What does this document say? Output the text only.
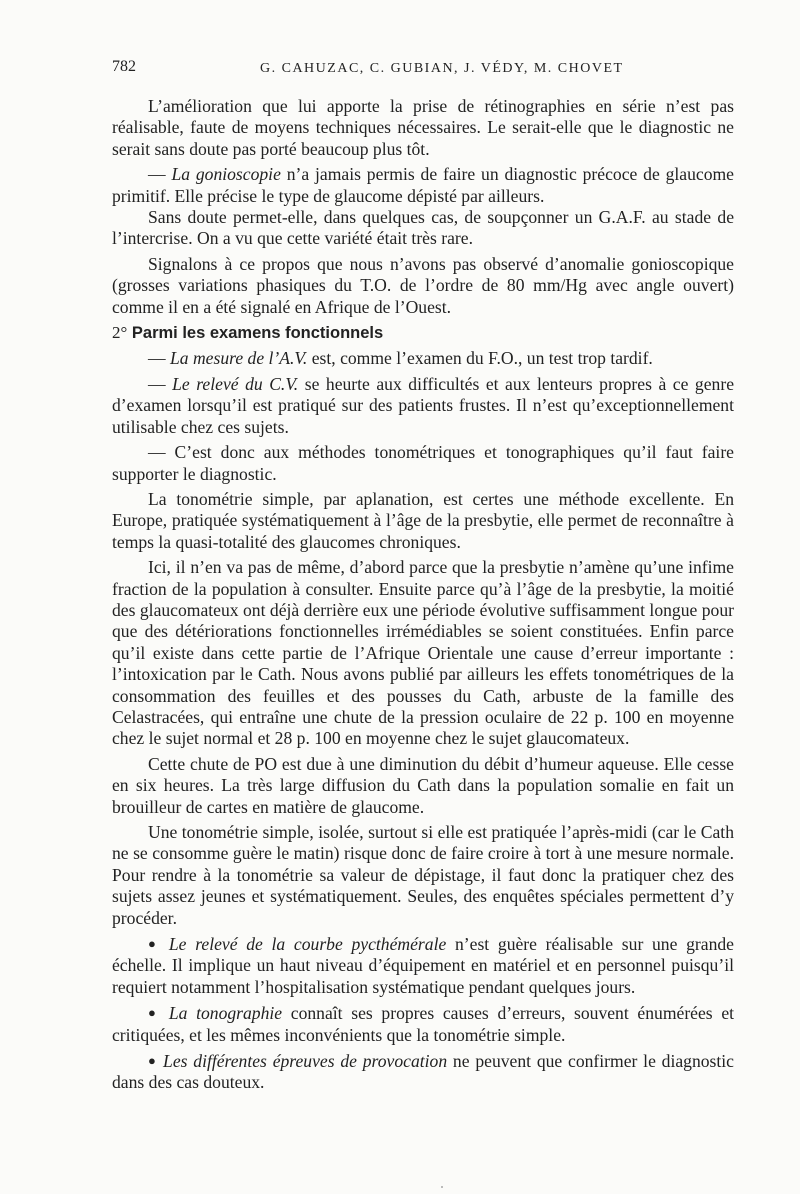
782	G. CAHUZAC, C. GUBIAN, J. VÉDY, M. CHOVET

L’amélioration que lui apporte la prise de rétinographies en série n’est pas réalisable, faute de moyens techniques nécessaires. Le serait-elle que le diagnostic ne serait sans doute pas porté beaucoup plus tôt.

— La gonioscopie n’a jamais permis de faire un diagnostic précoce de glaucome primitif. Elle précise le type de glaucome dépisté par ailleurs.

Sans doute permet-elle, dans quelques cas, de soupçonner un G.A.F. au stade de l’intercrise. On a vu que cette variété était très rare.

Signalons à ce propos que nous n’avons pas observé d’anomalie gonioscopique (grosses variations phasiques du T.O. de l’ordre de 80 mm/Hg avec angle ouvert) comme il en a été signalé en Afrique de l’Ouest.

2° Parmi les examens fonctionnels

— La mesure de l’A.V. est, comme l’examen du F.O., un test trop tardif.

— Le relevé du C.V. se heurte aux difficultés et aux lenteurs propres à ce genre d’examen lorsqu’il est pratiqué sur des patients frustes. Il n’est qu’exceptionnellement utilisable chez ces sujets.

— C’est donc aux méthodes tonométriques et tonographiques qu’il faut faire supporter le diagnostic.

La tonométrie simple, par aplanation, est certes une méthode excellente. En Europe, pratiquée systématiquement à l’âge de la presbytie, elle permet de reconnaître à temps la quasi-totalité des glaucomes chroniques.

Ici, il n’en va pas de même, d’abord parce que la presbytie n’amène qu’une infime fraction de la population à consulter. Ensuite parce qu’à l’âge de la presbytie, la moitié des glaucomateux ont déjà derrière eux une période évolutive suffisamment longue pour que des détériorations fonctionnelles irrémédiables se soient constituées. Enfin parce qu’il existe dans cette partie de l’Afrique Orientale une cause d’erreur importante : l’intoxication par le Cath. Nous avons publié par ailleurs les effets tonométriques de la consommation des feuilles et des pousses du Cath, arbuste de la famille des Celastracées, qui entraîne une chute de la pression oculaire de 22 p. 100 en moyenne chez le sujet normal et 28 p. 100 en moyenne chez le sujet glaucomateux.

Cette chute de PO est due à une diminution du débit d’humeur aqueuse. Elle cesse en six heures. La très large diffusion du Cath dans la population somalie en fait un brouilleur de cartes en matière de glaucome.

Une tonométrie simple, isolée, surtout si elle est pratiquée l’après-midi (car le Cath ne se consomme guère le matin) risque donc de faire croire à tort à une mesure normale. Pour rendre à la tonométrie sa valeur de dépistage, il faut donc la pratiquer chez des sujets assez jeunes et systématiquement. Seules, des enquêtes spéciales permettent d’y procéder.

● Le relevé de la courbe pycthémérale n’est guère réalisable sur une grande échelle. Il implique un haut niveau d’équipement en matériel et en personnel puisqu’il requiert notamment l’hospitalisation systématique pendant quelques jours.

● La tonographie connaît ses propres causes d’erreurs, souvent énumérées et critiquées, et les mêmes inconvénients que la tonométrie simple.

● Les différentes épreuves de provocation ne peuvent que confirmer le diagnostic dans des cas douteux.
